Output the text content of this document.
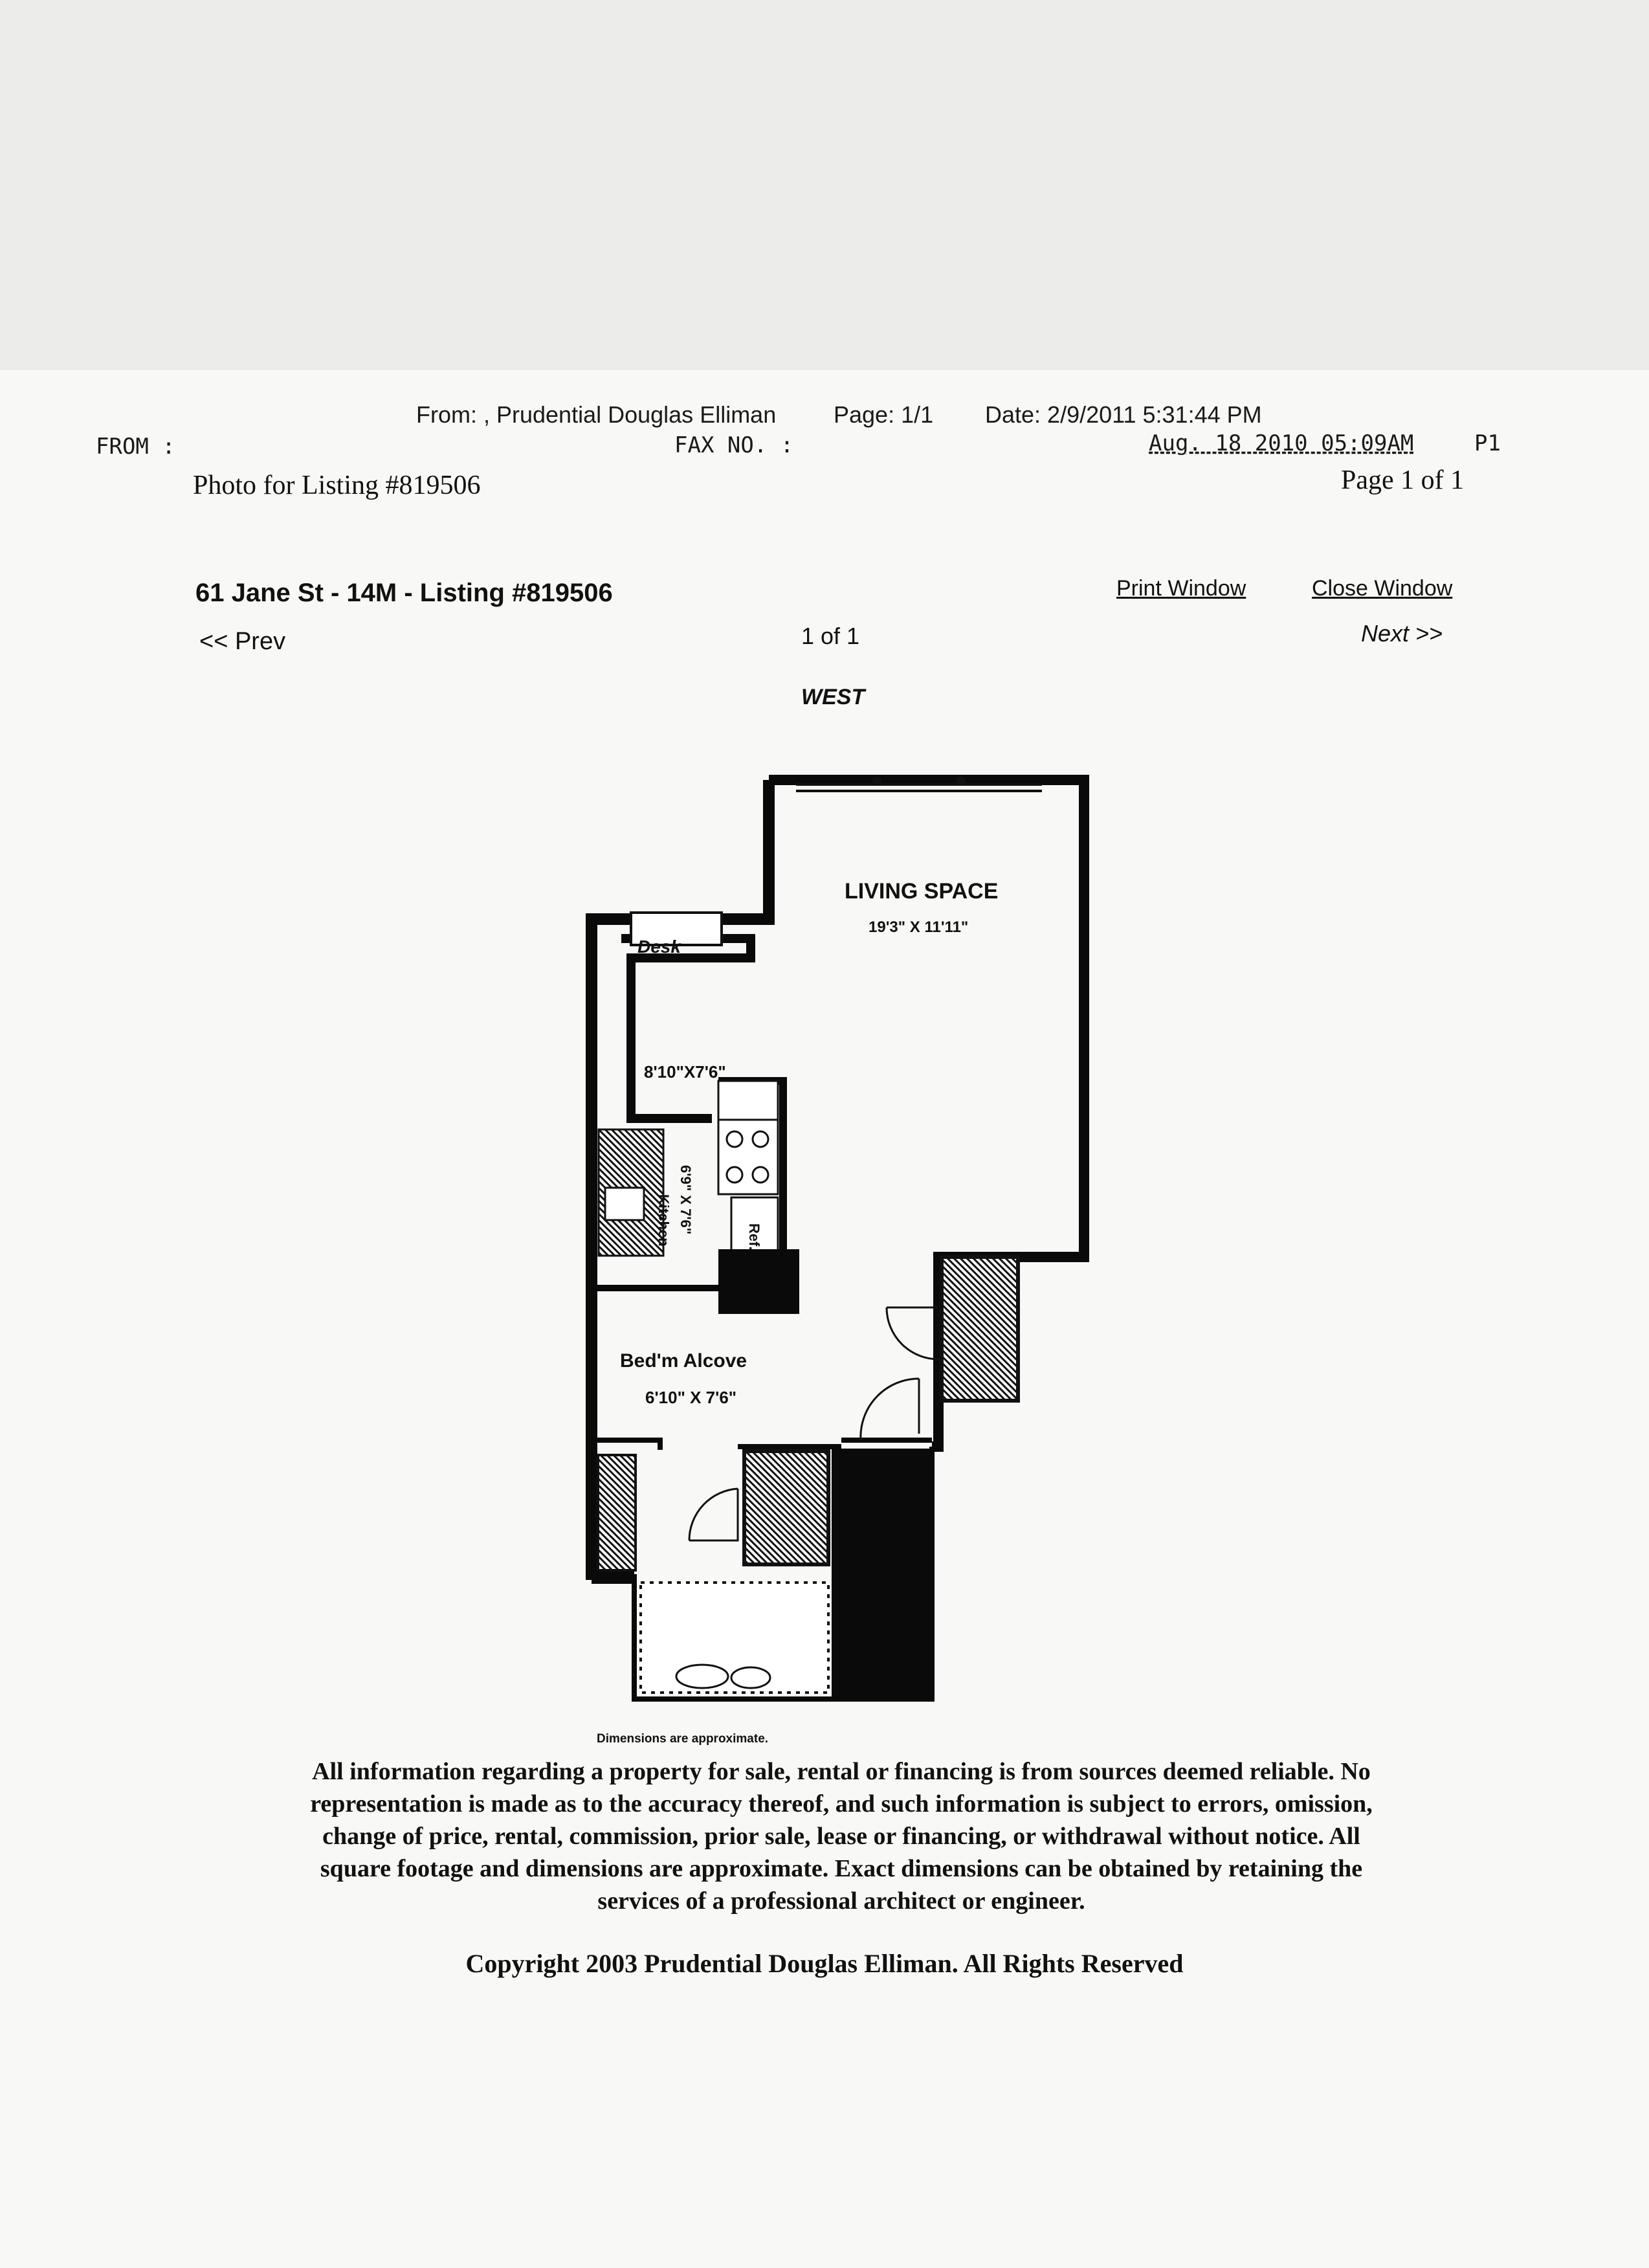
From: , Prudential Douglas Elliman Page: 1/1 Date: 2/9/2011 5:31:44 PM
FROM :	FAX NO. :	Aug. 18 2010 05:09AM	P1
Photo for Listing #819506	Page 1 of 1
61 Jane St - 14M - Listing #819506	Print Window	Close Window
<< Prev	1 of 1	Next >>
WEST
Desk
Kitchen 6'9" X 7'6"
Ref.
LIVING SPACE
19'3" X 11'11"
8'10"X7'6"
Bed'm Alcove
6'10" X 7'6"
Dimensions are approximate.
All information regarding a property for sale, rental or financing is from sources deemed reliable. No
representation is made as to the accuracy thereof, and such information is subject to errors, omission,
change of price, rental, commission, prior sale, lease or financing, or withdrawal without notice. All
square footage and dimensions are approximate. Exact dimensions can be obtained by retaining the
services of a professional architect or engineer.
Copyright 2003 Prudential Douglas Elliman. All Rights Reserved
